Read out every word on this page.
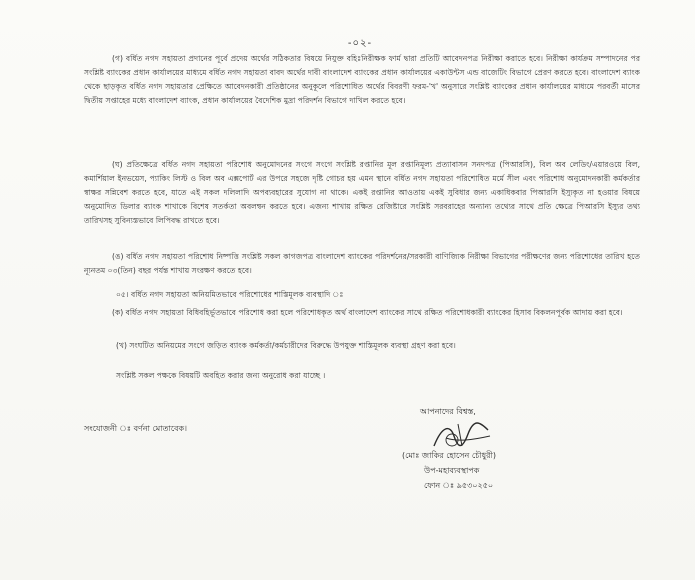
-০২-
(গ) বর্ধিত নগদ সহায়তা প্রদানের পূর্বে প্রদেয় অর্থের সঠিকতার বিষয়ে নিযুক্ত বহিঃনিরীক্ষক ফার্ম দ্বারা প্রতিটি আবেদনপত্র নিরীক্ষা করাতে হবে। নিরীক্ষা কার্যক্রম সম্পাদনের পর সংশ্লিষ্ট ব্যাংকের প্রধান কার্যালয়ের মাধ্যমে বর্ধিত নগদ সহায়তা বাবদ অর্থের দাবী বাংলাদেশ ব্যাংকের প্রধান কার্যালয়ের একাউন্টস এন্ড বাজেটিং বিভাগে প্রেরণ করতে হবে। বাংলাদেশ ব্যাংক থেকে ছাড়কৃত বর্ধিত নগদ সহায়তার প্রেক্ষিতে আবেদনকারী প্রতিষ্ঠানের অনুকূলে পরিশোধিত অর্থের বিবরণী ফরম-'খ' অনুসারে সংশ্লিষ্ট ব্যাংকের প্রধান কার্যালয়ের মাধ্যমে পরবর্তী মাসের দ্বিতীয় সপ্তাহের মধ্যে বাংলাদেশ ব্যাংক, প্রধান কার্যালয়ের বৈদেশিক মুদ্রা পরিদর্শন বিভাগে দাখিল করতে হবে।
(ঘ) প্রতিক্ষেত্রে বর্ধিত নগদ সহায়তা পরিশোধ অনুমোদনের সংগে সংগে সংশ্লিষ্ট রপ্তানির মূল রপ্তানিমূল্য প্রত্যাবাসন সনদপত্র (পিআরসি), বিল অব লেডিং/এয়ারওয়ে বিল, কমার্শিয়াল ইনভয়েস, প্যাকিং লিস্ট ও বিল অব এক্সপোর্ট এর উপরে সহজে দৃষ্টি গোচর হয় এমন স্থানে বর্ধিত নগদ সহায়তা পরিশোধিত মর্মে সীল এবং পরিশোধ অনুমোদনকারী কর্মকর্তার স্বাক্ষর সন্নিবেশ করতে হবে, যাতে এই সকল দলিলাদি অপব্যবহারের সুযোগ না থাকে। একই রপ্তানির আওতায় একই সুবিধার জন্য একাধিকবার পিআরসি ইস্যুকৃত না হওয়ার বিষয়ে অনুমোদিত ডিলার ব্যাংক শাখাকে বিশেষ সতর্কতা অবলম্বন করতে হবে। এজন্য শাখায় রক্ষিত রেজিষ্টারে সংশ্লিষ্ট সরবরাহের অন্যান্য তথ্যের সাথে প্রতি ক্ষেত্রে পিআরসি ইস্যুর তথ্য তারিখসহ সুবিন্যস্তভাবে লিপিবদ্ধ রাখতে হবে।
(ঙ) বর্ধিত নগদ সহায়তা পরিশোধ নিষ্পত্তি সংশ্লিষ্ট সকল কাগজপত্র বাংলাদেশ ব্যাংকের পরিদর্শনের/সরকারী বাণিজ্যিক নিরীক্ষা বিভাগের পরীক্ষণের জন্য পরিশোধের তারিখ হতে ন্যূনতম ০৩(তিন) বছর পর্যন্ত শাখায় সংরক্ষণ করতে হবে।
০৫। বর্ধিত নগদ সহায়তা অনিয়মিতভাবে পরিশোধের শাস্তিমূলক ব্যবস্থাদি ঃ
(ক) বর্ধিত নগদ সহায়তা বিধিবহির্ভূতভাবে পরিশোধ করা হলে পরিশোধকৃত অর্থ বাংলাদেশ ব্যাংকের সাথে রক্ষিত পরিশোধকারী ব্যাংকের হিসাব বিকলনপূর্বক আদায় করা হবে।
(খ) সংঘটিত অনিয়মের সংগে জড়িত ব্যাংক কর্মকর্তা/কর্মচারীদের বিরুদ্ধে উপযুক্ত শাস্তিমূলক ব্যবস্থা গ্রহণ করা হবে।
সংশ্লিষ্ট সকল পক্ষকে বিষয়টি অবহিত করার জন্য অনুরোধ করা যাচ্ছে ।
সংযোজনী ঃ বর্ণনা মোতাবেক।
আপনাদের বিশ্বস্ত,
(মোঃ জাকির হোসেন চৌধুরী)
উপ-মহাব্যবস্থাপক
ফোন ঃ ৯৫৩০২৫০
